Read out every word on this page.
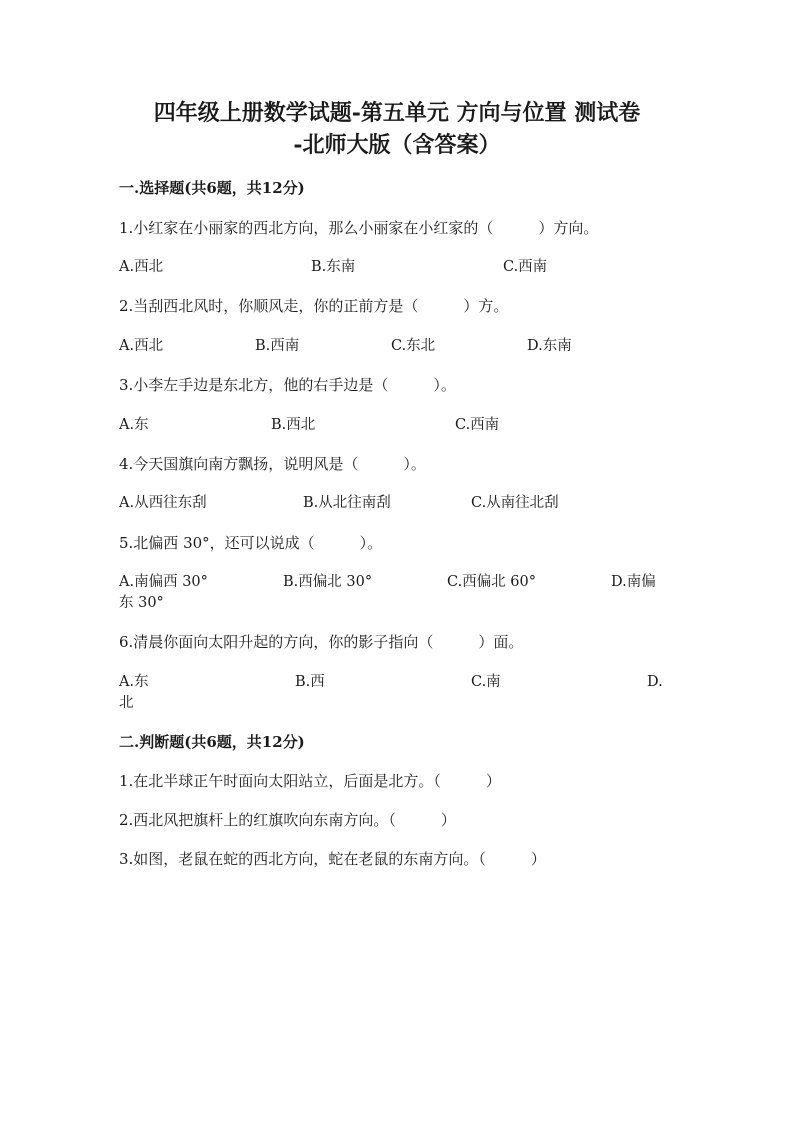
四年级上册数学试题-第五单元 方向与位置 测试卷
-北师大版（含答案）
一.选择题(共6题，共12分)
1.小红家在小丽家的西北方向，那么小丽家在小红家的（　　　）方向。
A.西北	B.东南	C.西南
2.当刮西北风时，你顺风走，你的正前方是（　　　）方。
A.西北	B.西南	C.东北	D.东南
3.小李左手边是东北方，他的右手边是（　　　）。
A.东	B.西北	C.西南
4.今天国旗向南方飘扬，说明风是（　　　）。
A.从西往东刮	B.从北往南刮	C.从南往北刮
5.北偏西 30°，还可以说成（　　　）。
A.南偏西 30°	B.西偏北 30°	C.西偏北 60°	D.南偏
东 30°
6.清晨你面向太阳升起的方向，你的影子指向（　　　）面。
A.东	B.西	C.南	D.
北
二.判断题(共6题，共12分)
1.在北半球正午时面向太阳站立，后面是北方。（　　　）
2.西北风把旗杆上的红旗吹向东南方向。（　　　）
3.如图，老鼠在蛇的西北方向，蛇在老鼠的东南方向。（　　　）
